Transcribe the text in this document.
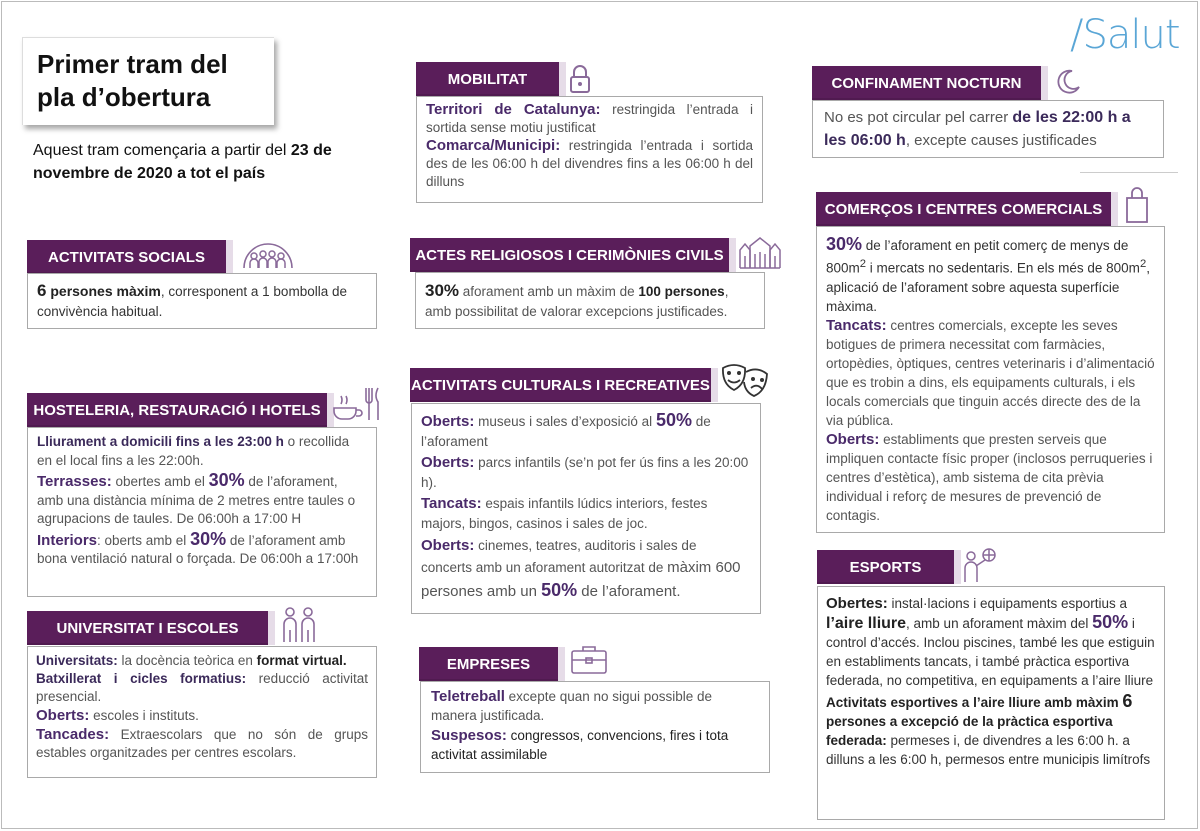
/Salut
Primer tram del
pla d’obertura
Aquest tram començaria a partir del 23 de novembre de 2020 a tot el país
MOBILITAT

Territori de Catalunya: restringida l’entrada i sortida sense motiu justificat

Comarca/Municipi: restringida l’entrada i sortida des de les 06:00 h del divendres fins a les 06:00 h del dilluns

CONFINAMENT NOCTURN
No es pot circular pel carrer de les 22:00 h a les 06:00 h, excepte causes justificades
COMERÇOS I CENTRES COMERCIALS

30% de l’aforament en petit comerç de menys de $800m^2$ i mercats no sedentaris. En els més de $800m^2$, aplicació de l’aforament sobre aquesta superfície màxima.

Tancats: centres comercials, excepte les seves botigues de primera necessitat com farmàcies, ortopèdies, òptiques, centres veterinaris i d’alimentació que es trobin a dins, els equipaments culturals, i els locals comercials que tinguin accés directe des de la via pública.

Oberts: establiments que presten serveis que impliquen contacte físic proper (inclosos perruqueries i centres d’estètica), amb sistema de cita prèvia individual i reforç de mesures de prevenció de contagis.

ACTIVITATS SOCIALS
6 persones màxim, corresponent a 1 bombolla de convivència habitual.
ACTES RELIGIOSOS I CERIMÒNIES CIVILS
30% aforament amb un màxim de 100 persones, amb possibilitat de valorar excepcions justificades.
HOSTELERIA, RESTAURACIÓ I HOTELS

Lliurament a domicili fins a les 23:00 h o recollida en el local fins a les 22:00h.

Terrasses: obertes amb el 30% de l’aforament, amb una distància mínima de 2 metres entre taules o agrupacions de taules. De 06:00h a 17:00 H

Interiors: oberts amb el 30% de l’aforament amb bona ventilació natural o forçada. De 06:00h a 17:00h

ACTIVITATS CULTURALS I RECREATIVES

Oberts: museus i sales d’exposició al 50% de l’aforament

Oberts: parcs infantils (se’n pot fer ús fins a les 20:00 h).

Tancats: espais infantils lúdics interiors, festes majors, bingos, casinos i sales de joc.

Oberts: cinemes, teatres, auditoris i sales de concerts amb un aforament autoritzat de màxim 600 persones amb un 50% de l’aforament.

UNIVERSITAT I ESCOLES

Universitats: la docència teòrica en format virtual.

Batxillerat i cicles formatius: reducció activitat presencial.

Oberts: escoles i instituts.

Tancades: Extraescolars que no són de grups estables organitzades per centres escolars.

EMPRESES

Teletreball excepte quan no sigui possible de manera justificada.

Suspesos: congressos, convencions, fires i tota activitat assimilable

ESPORTS

Obertes: instal·lacions i equipaments esportius a l’aire lliure, amb un aforament màxim del 50% i control d’accés. Inclou piscines, també les que estiguin en establiments tancats, i també pràctica esportiva federada, no competitiva, en equipaments a l’aire lliure

Activitats esportives a l’aire lliure amb màxim 6 persones a excepció de la pràctica esportiva federada: permeses i, de divendres a les 6:00 h. a dilluns a les 6:00 h, permesos entre municipis limítrofs
